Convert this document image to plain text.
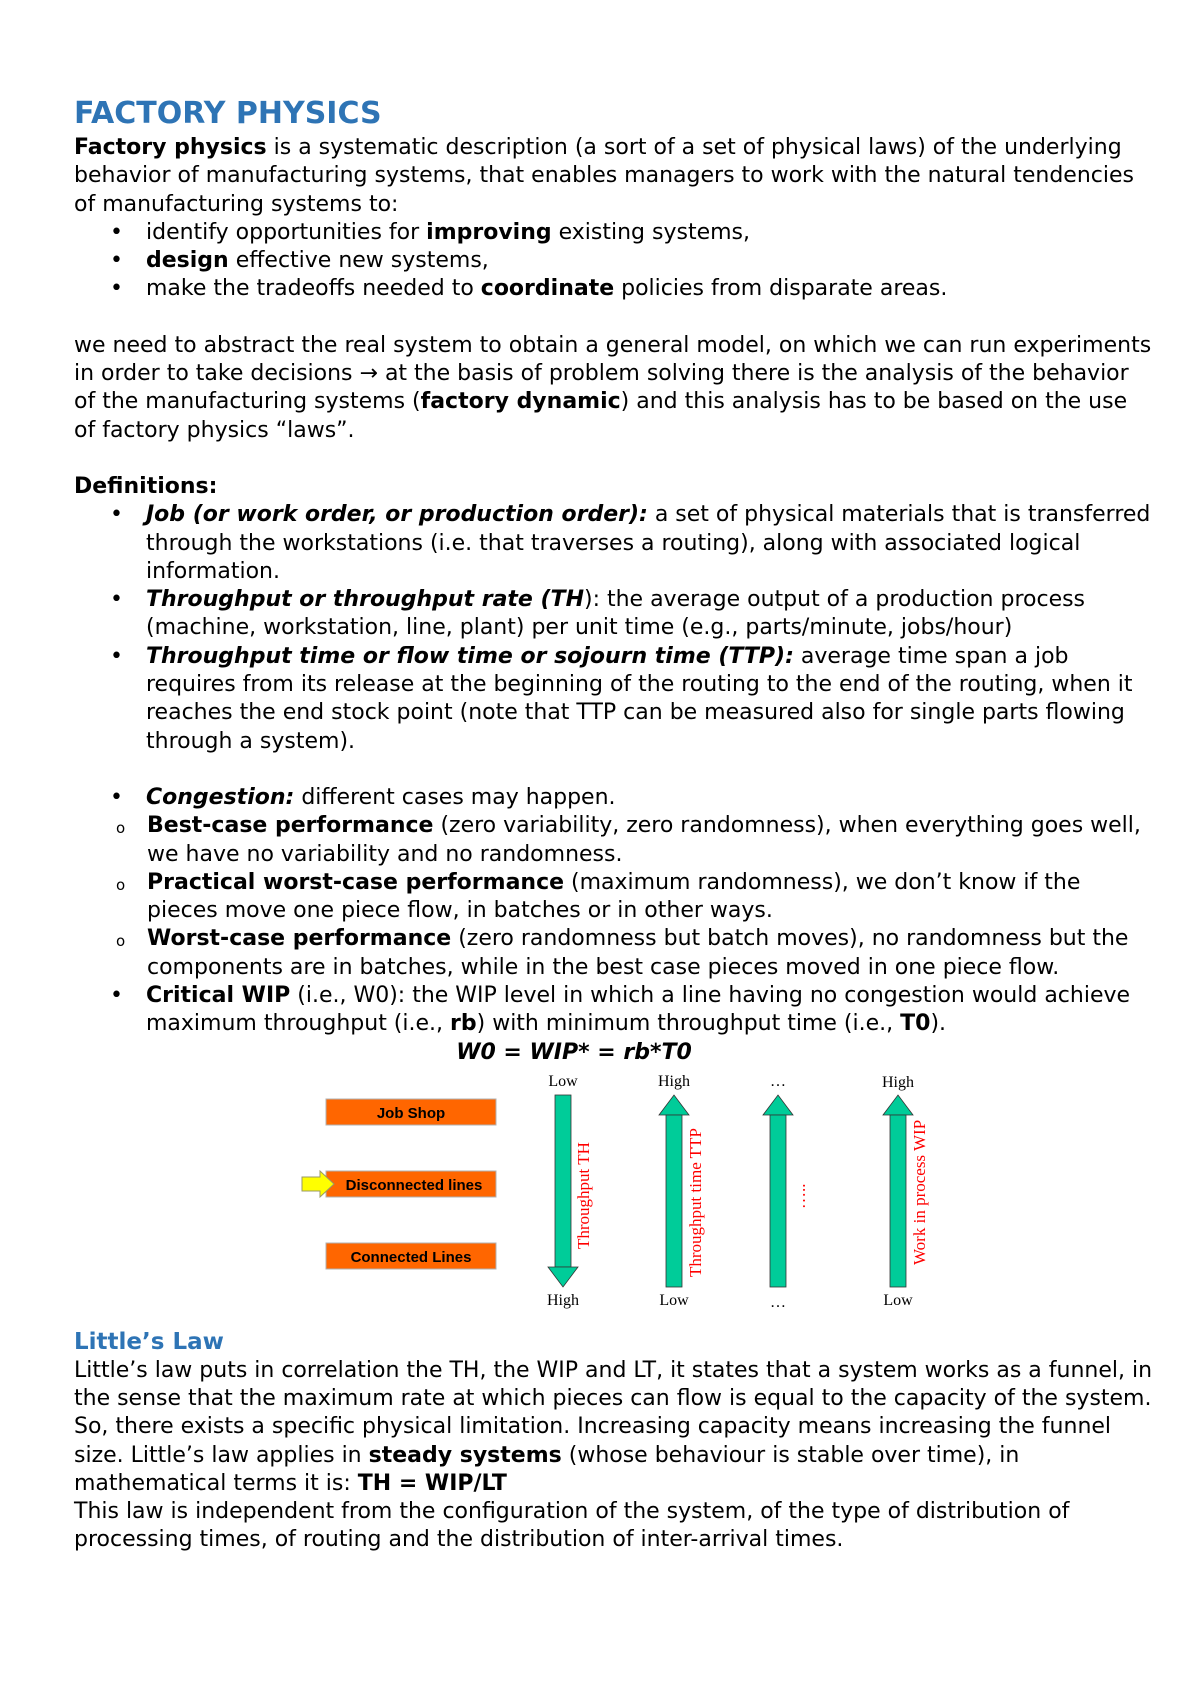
FACTORY PHYSICS

Factory physics is a systematic description (a sort of a set of physical laws) of the underlying behavior of manufacturing systems, that enables managers to work with the natural tendencies of manufacturing systems to:

• identify opportunities for improving existing systems,
• design effective new systems,
• make the tradeoffs needed to coordinate policies from disparate areas.

we need to abstract the real system to obtain a general model, on which we can run experiments in order to take decisions → at the basis of problem solving there is the analysis of the behavior of the manufacturing systems (factory dynamic) and this analysis has to be based on the use of factory physics “laws”.

Definitions:

• Job (or work order, or production order): a set of physical materials that is transferred through the workstations (i.e. that traverses a routing), along with associated logical information.
• Throughput or throughput rate (TH): the average output of a production process (machine, workstation, line, plant) per unit time (e.g., parts/minute, jobs/hour)
• Throughput time or flow time or sojourn time (TTP): average time span a job requires from its release at the beginning of the routing to the end of the routing, when it reaches the end stock point (note that TTP can be measured also for single parts flowing through a system).
• Congestion: different cases may happen.
o Best-case performance (zero variability, zero randomness), when everything goes well, we have no variability and no randomness.
o Practical worst-case performance (maximum randomness), we don’t know if the pieces move one piece flow, in batches or in other ways.
o Worst-case performance (zero randomness but batch moves), no randomness but the components are in batches, while in the best case pieces moved in one piece flow.
• Critical WIP (i.e., W0): the WIP level in which a line having no congestion would achieve maximum throughput (i.e., rb) with minimum throughput time (i.e., T0).
W0 = WIP* = rb*T0
Job Shop
Disconnected lines
Connected Lines
Low
Throughput TH
High
High
Throughput time TTP
Low
…
…..
…
High
Work in process WIP
Low
Little’s Law

Little’s law puts in correlation the TH, the WIP and LT, it states that a system works as a funnel, in the sense that the maximum rate at which pieces can flow is equal to the capacity of the system. So, there exists a specific physical limitation. Increasing capacity means increasing the funnel size. Little’s law applies in steady systems (whose behaviour is stable over time), in mathematical terms it is: TH = WIP/LT

This law is independent from the configuration of the system, of the type of distribution of processing times, of routing and the distribution of inter-arrival times.
